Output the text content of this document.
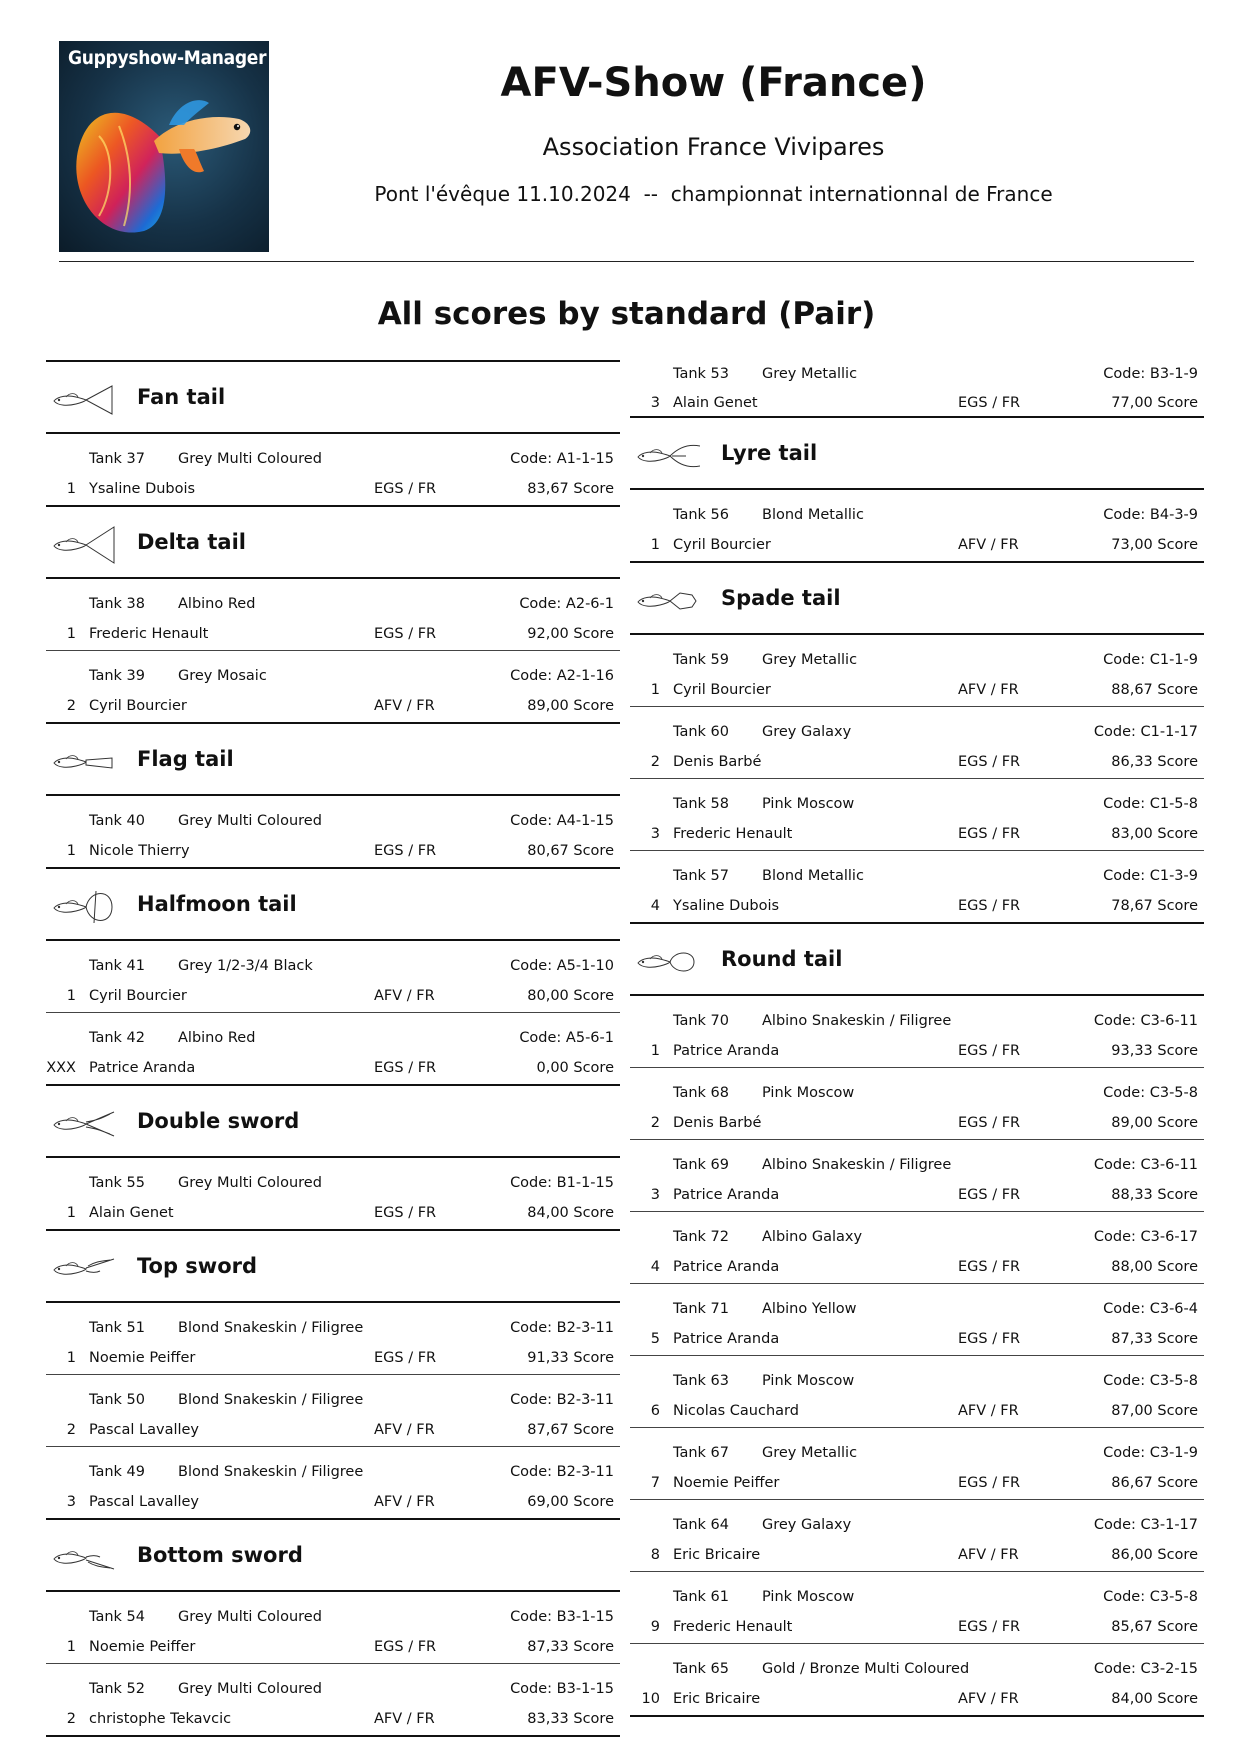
Guppyshow-Manager
AFV-Show (France)
Association France Vivipares
Pont l'évêque 11.10.2024  --  championnat internationnal de France
All scores by standard (Pair)
Fan tail
Tank 37 Grey Multi Coloured	Code: A1-1-15
1 Ysaline Dubois	EGS / FR	83,67 Score
Delta tail
Tank 38 Albino Red	Code: A2-6-1
1 Frederic Henault	EGS / FR	92,00 Score
Tank 39 Grey Mosaic	Code: A2-1-16
2 Cyril Bourcier	AFV / FR	89,00 Score
Flag tail
Tank 40 Grey Multi Coloured	Code: A4-1-15
1 Nicole Thierry	EGS / FR	80,67 Score
Halfmoon tail
Tank 41 Grey 1/2-3/4 Black	Code: A5-1-10
1 Cyril Bourcier	AFV / FR	80,00 Score
Tank 42 Albino Red	Code: A5-6-1
XXX Patrice Aranda	EGS / FR	0,00 Score
Double sword
Tank 55 Grey Multi Coloured	Code: B1-1-15
1 Alain Genet	EGS / FR	84,00 Score
Top sword
Tank 51 Blond Snakeskin / Filigree	Code: B2-3-11
1 Noemie Peiffer	EGS / FR	91,33 Score
Tank 50 Blond Snakeskin / Filigree	Code: B2-3-11
2 Pascal Lavalley	AFV / FR	87,67 Score
Tank 49 Blond Snakeskin / Filigree	Code: B2-3-11
3 Pascal Lavalley	AFV / FR	69,00 Score
Bottom sword
Tank 54 Grey Multi Coloured	Code: B3-1-15
1 Noemie Peiffer	EGS / FR	87,33 Score
Tank 52 Grey Multi Coloured	Code: B3-1-15
2 christophe Tekavcic	AFV / FR	83,33 Score
Tank 53 Grey Metallic	Code: B3-1-9
3 Alain Genet	EGS / FR	77,00 Score
Lyre tail
Tank 56 Blond Metallic	Code: B4-3-9
1 Cyril Bourcier	AFV / FR	73,00 Score
Spade tail
Tank 59 Grey Metallic	Code: C1-1-9
1 Cyril Bourcier	AFV / FR	88,67 Score
Tank 60 Grey Galaxy	Code: C1-1-17
2 Denis Barbé	EGS / FR	86,33 Score
Tank 58 Pink Moscow	Code: C1-5-8
3 Frederic Henault	EGS / FR	83,00 Score
Tank 57 Blond Metallic	Code: C1-3-9
4 Ysaline Dubois	EGS / FR	78,67 Score
Round tail
Tank 70 Albino Snakeskin / Filigree	Code: C3-6-11
1 Patrice Aranda	EGS / FR	93,33 Score
Tank 68 Pink Moscow	Code: C3-5-8
2 Denis Barbé	EGS / FR	89,00 Score
Tank 69 Albino Snakeskin / Filigree	Code: C3-6-11
3 Patrice Aranda	EGS / FR	88,33 Score
Tank 72 Albino Galaxy	Code: C3-6-17
4 Patrice Aranda	EGS / FR	88,00 Score
Tank 71 Albino Yellow	Code: C3-6-4
5 Patrice Aranda	EGS / FR	87,33 Score
Tank 63 Pink Moscow	Code: C3-5-8
6 Nicolas Cauchard	AFV / FR	87,00 Score
Tank 67 Grey Metallic	Code: C3-1-9
7 Noemie Peiffer	EGS / FR	86,67 Score
Tank 64 Grey Galaxy	Code: C3-1-17
8 Eric Bricaire	AFV / FR	86,00 Score
Tank 61 Pink Moscow	Code: C3-5-8
9 Frederic Henault	EGS / FR	85,67 Score
Tank 65 Gold / Bronze Multi Coloured	Code: C3-2-15
10 Eric Bricaire	AFV / FR	84,00 Score
